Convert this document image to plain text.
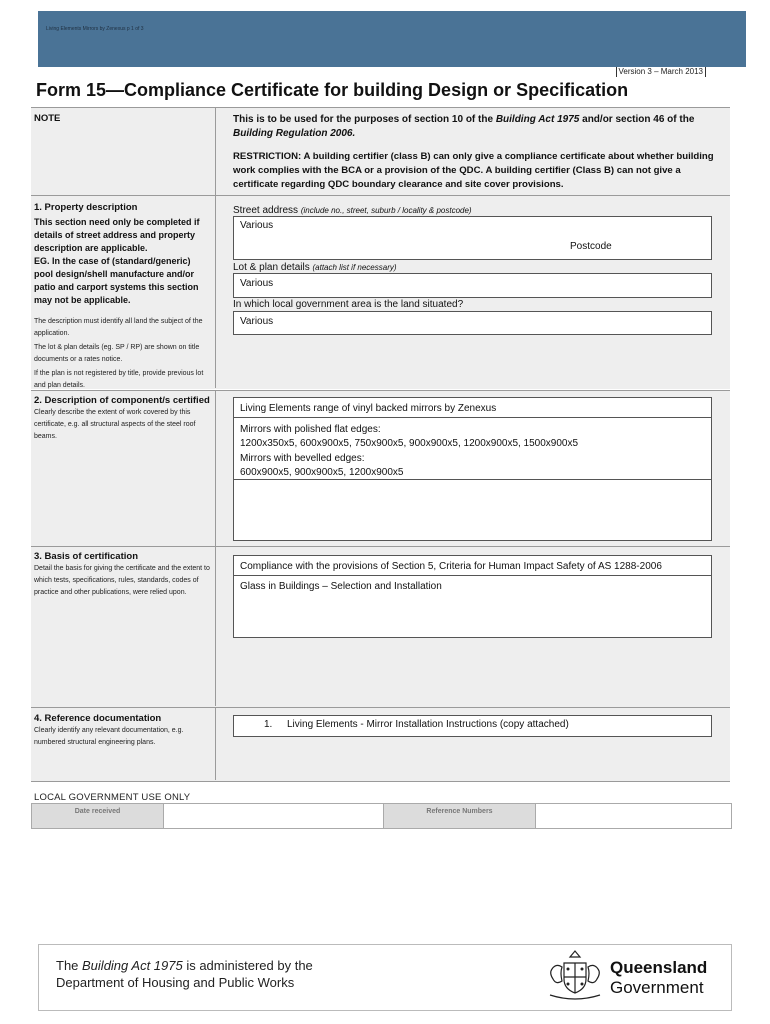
Living Elements Mirrors by Zenexus p 1 of 3
Version 3 – March 2013
Form 15—Compliance Certificate for building Design or Specification
NOTE	This is to be used for the purposes of section 10 of the Building Act 1975 and/or section 46 of the Building Regulation 2006.
RESTRICTION: A building certifier (class B) can only give a compliance certificate about whether building work complies with the BCA or a provision of the QDC. A building certifier (Class B) can not give a certificate regarding QDC boundary clearance and site cover provisions.
1. Property description
This section need only be completed if details of street address and property description are applicable.
EG. In the case of (standard/generic) pool design/shell manufacture and/or patio and carport systems this section may not be applicable.
The description must identify all land the subject of the application.
The lot & plan details (eg. SP / RP) are shown on title documents or a rates notice.
If the plan is not registered by title, provide previous lot and plan details.
Street address (include no., street, suburb / locality & postcode)
Various
Postcode
Lot & plan details (attach list if necessary)
Various
In which local government area is the land situated?
Various
2. Description of component/s certified
Clearly describe the extent of work covered by this certificate, e.g. all structural aspects of the steel roof beams.
Living Elements range of vinyl backed mirrors by Zenexus
Mirrors with polished flat edges:
1200x350x5, 600x900x5, 750x900x5, 900x900x5, 1200x900x5, 1500x900x5
Mirrors with bevelled edges:
600x900x5, 900x900x5, 1200x900x5
3. Basis of certification
Detail the basis for giving the certificate and the extent to which tests, specifications, rules, standards, codes of practice and other publications, were relied upon.
Compliance with the provisions of Section 5, Criteria for Human Impact Safety of AS 1288-2006
Glass in Buildings – Selection and Installation
4. Reference documentation
Clearly identify any relevant documentation, e.g. numbered structural engineering plans.
1. Living Elements - Mirror Installation Instructions (copy attached)
LOCAL GOVERNMENT USE ONLY
Date received	Reference Numbers
The Building Act 1975 is administered by the
Department of Housing and Public Works
Queensland
Government
